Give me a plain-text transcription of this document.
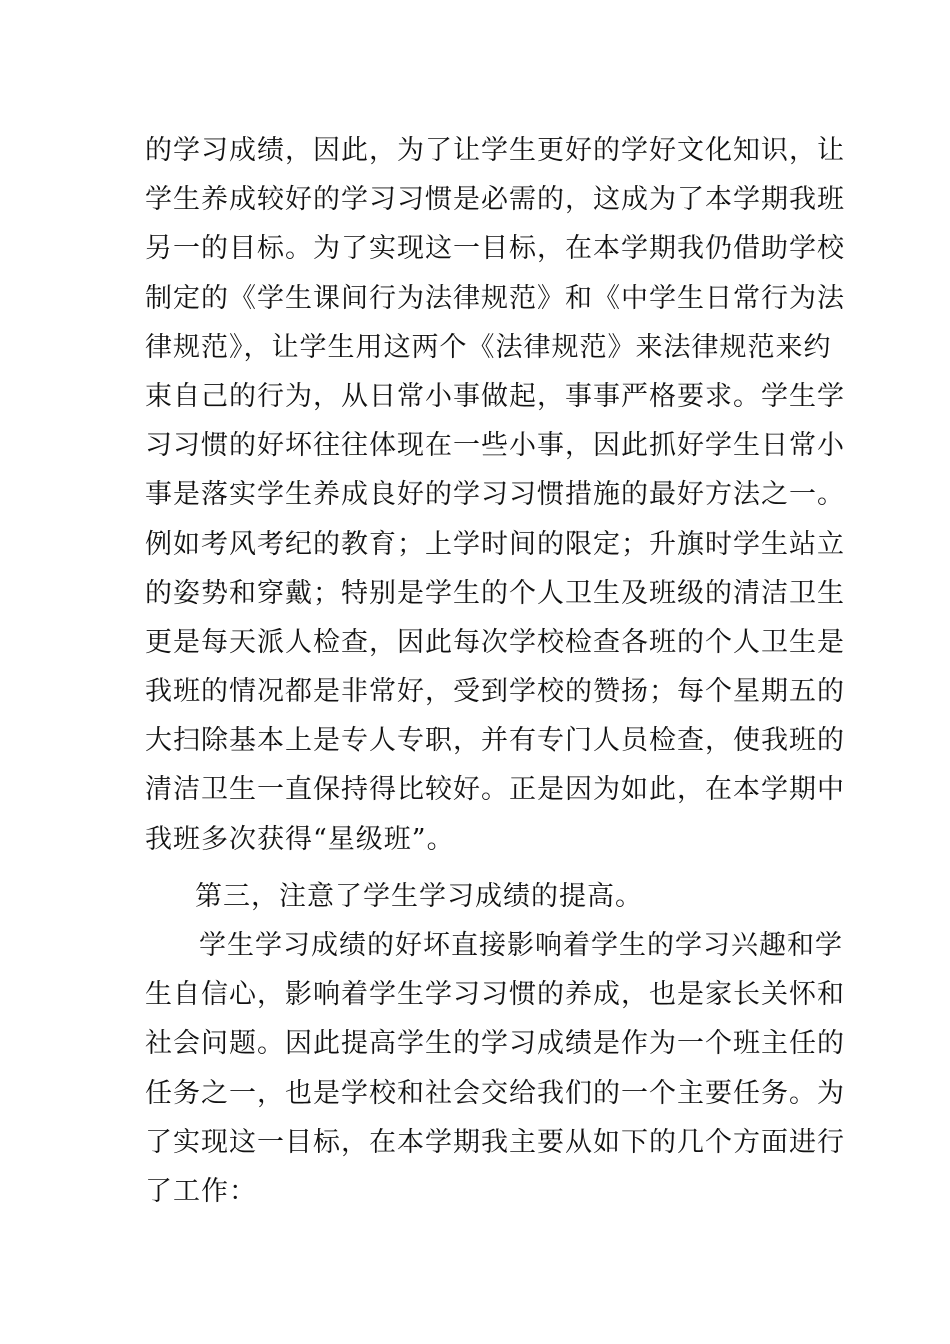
的学习成绩，因此，为了让学生更好的学好文化知识，让
学生养成较好的学习习惯是必需的，这成为了本学期我班
另一的目标。为了实现这一目标，在本学期我仍借助学校
制定的《学生课间行为法律规范》和《中学生日常行为法
律规范》，让学生用这两个《法律规范》来法律规范来约
束自己的行为，从日常小事做起，事事严格要求。学生学
习习惯的好坏往往体现在一些小事，因此抓好学生日常小
事是落实学生养成良好的学习习惯措施的最好方法之一。
例如考风考纪的教育；上学时间的限定；升旗时学生站立
的姿势和穿戴；特别是学生的个人卫生及班级的清洁卫生
更是每天派人检查，因此每次学校检查各班的个人卫生是
我班的情况都是非常好，受到学校的赞扬；每个星期五的
大扫除基本上是专人专职，并有专门人员检查，使我班的
清洁卫生一直保持得比较好。正是因为如此，在本学期中
我班多次获得“星级班”。
第三，注意了学生学习成绩的提高。
学生学习成绩的好坏直接影响着学生的学习兴趣和学
生自信心，影响着学生学习习惯的养成，也是家长关怀和
社会问题。因此提高学生的学习成绩是作为一个班主任的
任务之一，也是学校和社会交给我们的一个主要任务。为
了实现这一目标，在本学期我主要从如下的几个方面进行
了工作：
